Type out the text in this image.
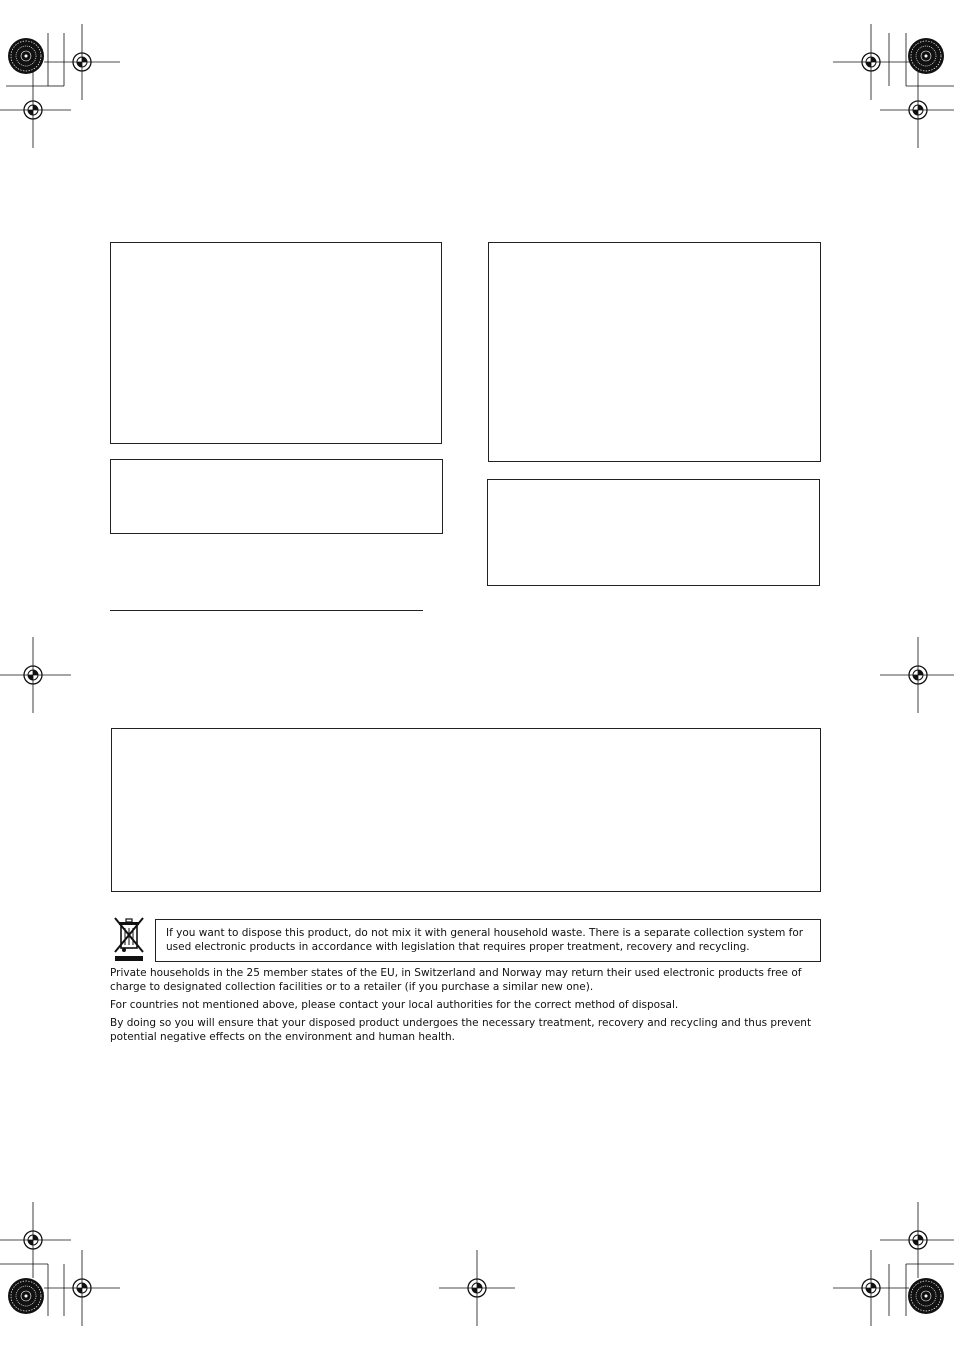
If you want to dispose this product, do not mix it with general household waste. There is a separate collection system for used electronic products in accordance with legislation that requires proper treatment, recovery and recycling.
Private households in the 25 member states of the EU, in Switzerland and Norway may return their used electronic products free of charge to designated collection facilities or to a retailer (if you purchase a similar new one).
For countries not mentioned above, please contact your local authorities for the correct method of disposal.
By doing so you will ensure that your disposed product undergoes the necessary treatment, recovery and recycling and thus prevent potential negative effects on the environment and human health.
